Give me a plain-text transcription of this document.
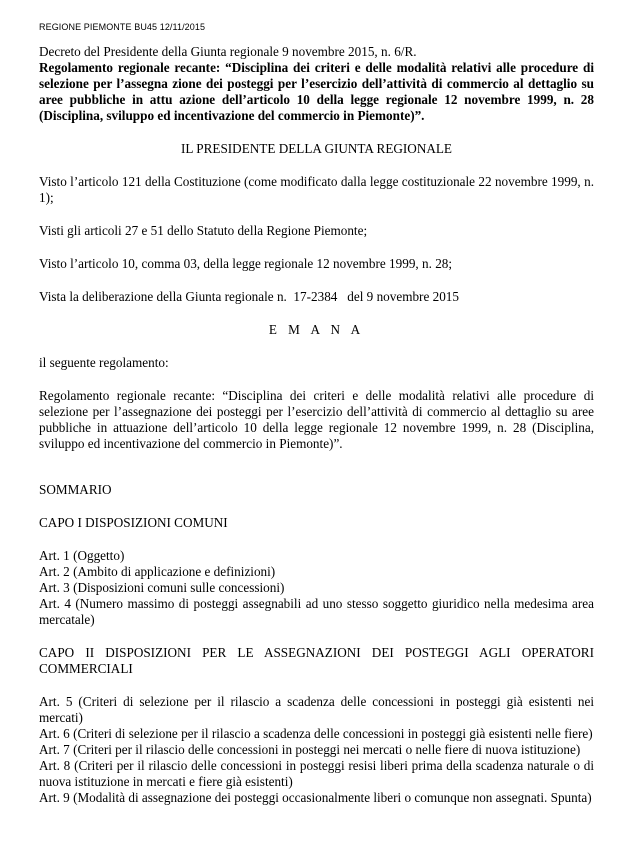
REGIONE PIEMONTE BU45 12/11/2015

Decreto del Presidente della Giunta regionale 9 novembre 2015, n. 6/R.

Regolamento regionale recante: “Disciplina dei criteri e delle modalità relativi alle procedure di selezione per l’assegna zione dei posteggi per l’esercizio dell’attività di commercio al dettaglio su aree pubbliche in attu azione dell’articolo 10 della legge regionale 12 novembre 1999, n. 28 (Disciplina, sviluppo ed incentivazione del commercio in Piemonte)”.

IL PRESIDENTE DELLA GIUNTA REGIONALE

Visto l’articolo 121 della Costituzione (come modificato dalla legge costituzionale 22 novembre 1999, n. 1);

Visti gli articoli 27 e 51 dello Statuto della Regione Piemonte;

Visto l’articolo 10, comma 03, della legge regionale 12 novembre 1999, n. 28;

Vista la deliberazione della Giunta regionale n.  17-2384   del 9 novembre 2015

E M A N A

il seguente regolamento:

Regolamento regionale recante: “Disciplina dei criteri e delle modalità relativi alle procedure di selezione per l’assegnazione dei posteggi per l’esercizio dell’attività di commercio al dettaglio su aree pubbliche in attuazione dell’articolo 10 della legge regionale 12 novembre 1999, n. 28 (Disciplina, sviluppo ed incentivazione del commercio in Piemonte)”.

SOMMARIO

CAPO I DISPOSIZIONI COMUNI

Art. 1 (Oggetto)

Art. 2 (Ambito di applicazione e definizioni)

Art. 3 (Disposizioni comuni sulle concessioni)

Art. 4 (Numero massimo di posteggi assegnabili ad uno stesso soggetto giuridico nella medesima area mercatale)

CAPO II DISPOSIZIONI PER LE ASSEGNAZIONI DEI POSTEGGI AGLI OPERATORI COMMERCIALI

Art. 5 (Criteri di selezione per il rilascio a scadenza delle concessioni in posteggi già esistenti nei mercati)

Art. 6 (Criteri di selezione per il rilascio a scadenza delle concessioni in posteggi già esistenti nelle fiere)

Art. 7 (Criteri per il rilascio delle concessioni in posteggi nei mercati o nelle fiere di nuova istituzione)

Art. 8 (Criteri per il rilascio delle concessioni in posteggi resisi liberi prima della scadenza naturale o di nuova istituzione in mercati e fiere già esistenti)

Art. 9 (Modalità di assegnazione dei posteggi occasionalmente liberi o comunque non assegnati. Spunta)
